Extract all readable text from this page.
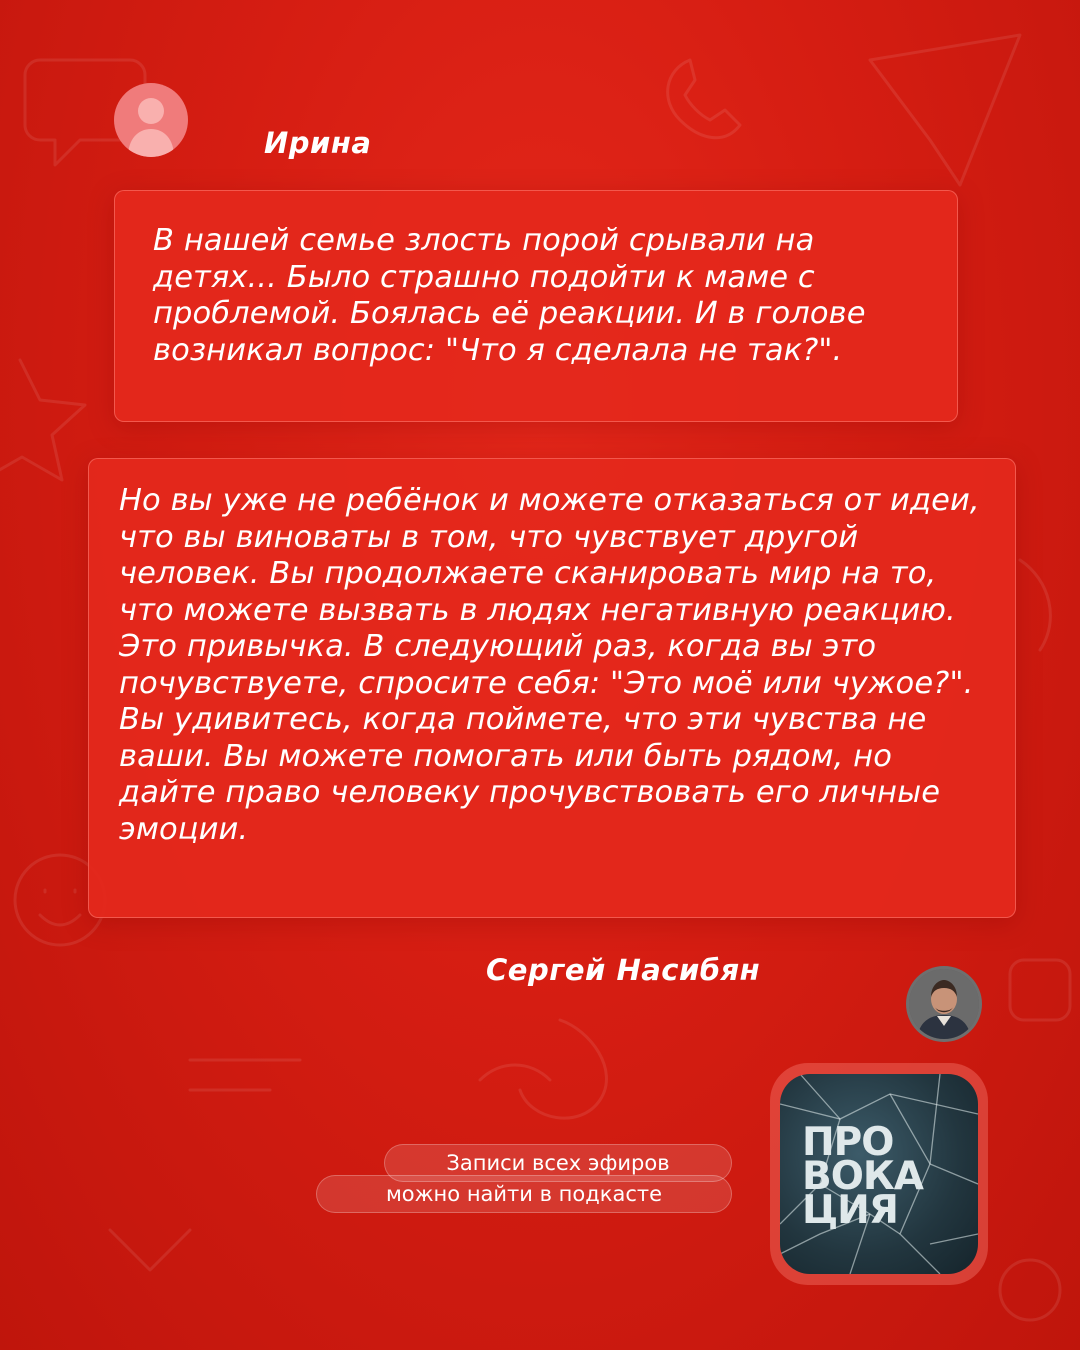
Ирина

В нашей семье злость порой срывали на детях... Было страшно подойти к маме с проблемой. Боялась её реакции. И в голове возникал вопрос: "Что я сделала не так?".

Но вы уже не ребёнок и можете отказаться от идеи, что вы виноваты в том, что чувствует другой человек. Вы продолжаете сканировать мир на то, что можете вызвать в людях негативную реакцию. Это привычка. В следующий раз, когда вы это почувствуете, спросите себя: "Это моё или чужое?". Вы удивитесь, когда поймете, что эти чувства не ваши. Вы можете помогать или быть рядом, но дайте право человеку прочувствовать его личные эмоции.

Сергей Насибян
Записи всех эфиров
можно найти в подкасте
ПРО
ВОКА
ЦИЯ
